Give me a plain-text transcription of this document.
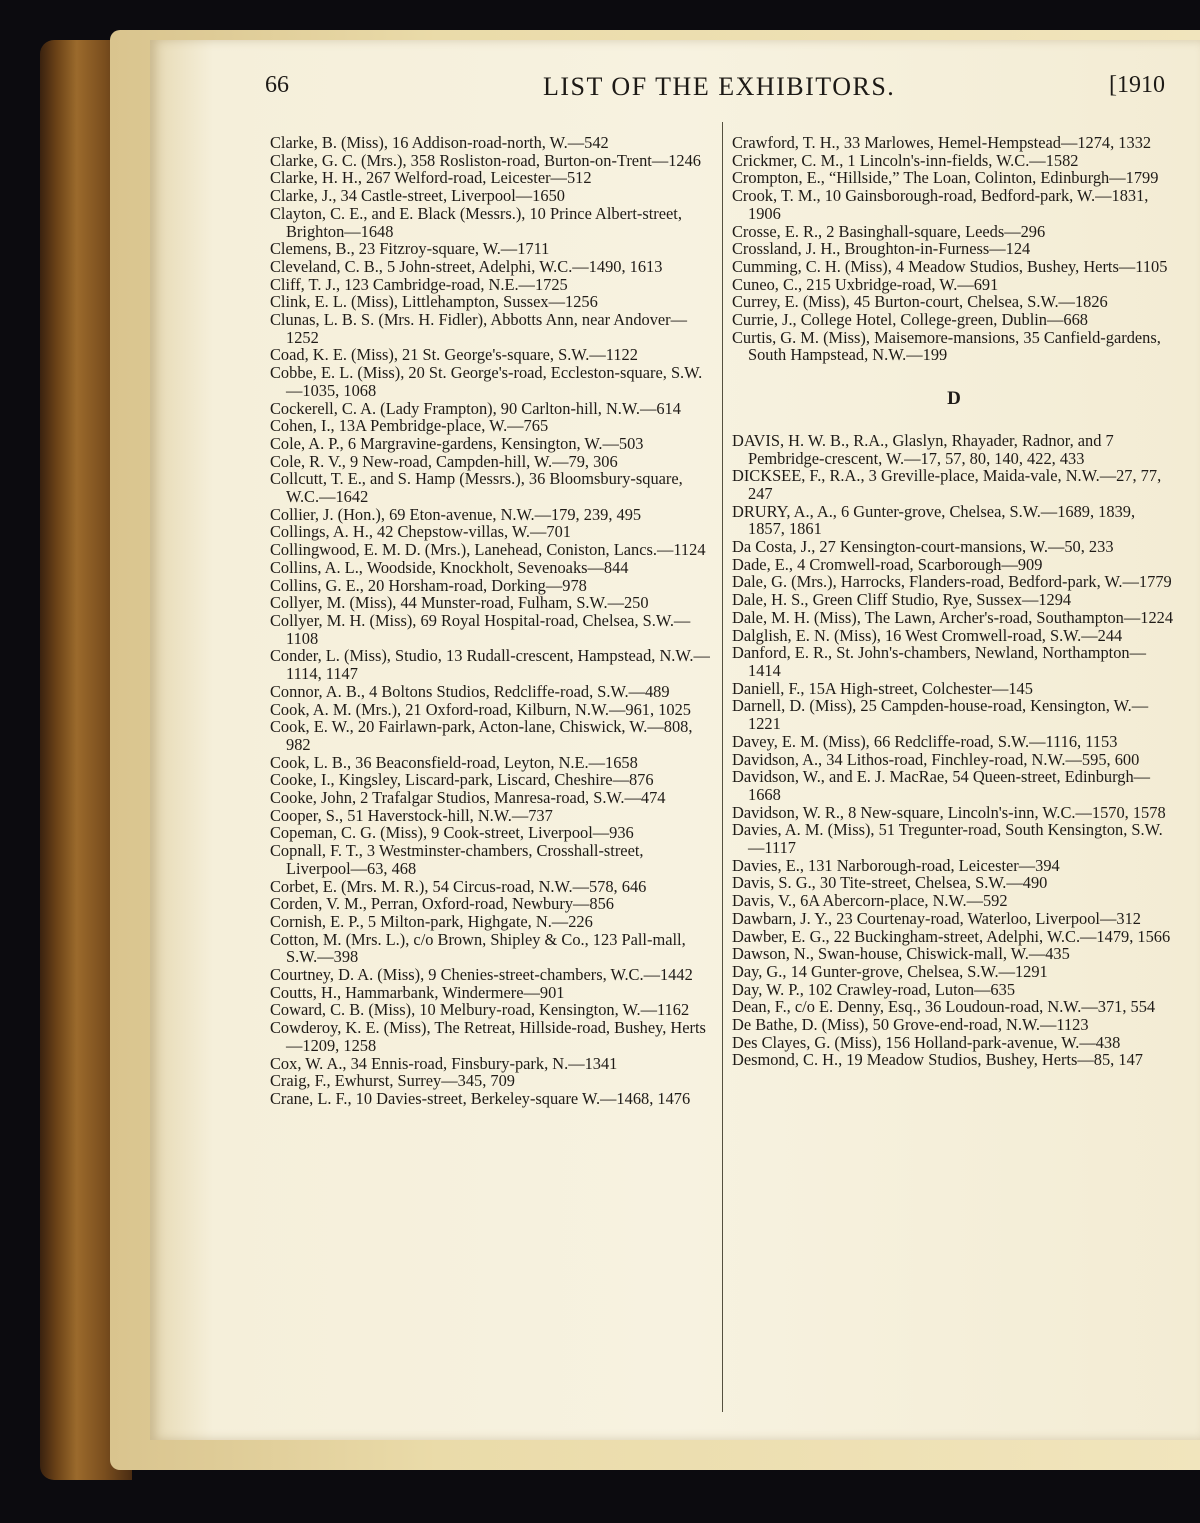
66	LIST OF THE EXHIBITORS.	[1910
Clarke, B. (Miss), 16 Addison-road-north, W.—542
Clarke, G. C. (Mrs.), 358 Rosliston-road, Burton-on-Trent—1246
Clarke, H. H., 267 Welford-road, Leicester—512
Clarke, J., 34 Castle-street, Liverpool—1650
Clayton, C. E., and E. Black (Messrs.), 10 Prince Albert-street, Brighton—1648
Clemens, B., 23 Fitzroy-square, W.—1711
Cleveland, C. B., 5 John-street, Adelphi, W.C.—1490, 1613
Cliff, T. J., 123 Cambridge-road, N.E.—1725
Clink, E. L. (Miss), Littlehampton, Sussex—1256
Clunas, L. B. S. (Mrs. H. Fidler), Abbotts Ann, near Andover—1252
Coad, K. E. (Miss), 21 St. George's-square, S.W.—1122
Cobbe, E. L. (Miss), 20 St. George's-road, Eccleston-square, S.W.—1035, 1068
Cockerell, C. A. (Lady Frampton), 90 Carlton-hill, N.W.—614
Cohen, I., 13A Pembridge-place, W.—765
Cole, A. P., 6 Margravine-gardens, Kensington, W.—503
Cole, R. V., 9 New-road, Campden-hill, W.—79, 306
Collcutt, T. E., and S. Hamp (Messrs.), 36 Bloomsbury-square, W.C.—1642
Collier, J. (Hon.), 69 Eton-avenue, N.W.—179, 239, 495
Collings, A. H., 42 Chepstow-villas, W.—701
Collingwood, E. M. D. (Mrs.), Lanehead, Coniston, Lancs.—1124
Collins, A. L., Woodside, Knockholt, Sevenoaks—844
Collins, G. E., 20 Horsham-road, Dorking—978
Collyer, M. (Miss), 44 Munster-road, Fulham, S.W.—250
Collyer, M. H. (Miss), 69 Royal Hospital-road, Chelsea, S.W.—1108
Conder, L. (Miss), Studio, 13 Rudall-crescent, Hampstead, N.W.—1114, 1147
Connor, A. B., 4 Boltons Studios, Redcliffe-road, S.W.—489
Cook, A. M. (Mrs.), 21 Oxford-road, Kilburn, N.W.—961, 1025
Cook, E. W., 20 Fairlawn-park, Acton-lane, Chiswick, W.—808, 982
Cook, L. B., 36 Beaconsfield-road, Leyton, N.E.—1658
Cooke, I., Kingsley, Liscard-park, Liscard, Cheshire—876
Cooke, John, 2 Trafalgar Studios, Manresa-road, S.W.—474
Cooper, S., 51 Haverstock-hill, N.W.—737
Copeman, C. G. (Miss), 9 Cook-street, Liverpool—936
Copnall, F. T., 3 Westminster-chambers, Crosshall-street, Liverpool—63, 468
Corbet, E. (Mrs. M. R.), 54 Circus-road, N.W.—578, 646
Corden, V. M., Perran, Oxford-road, Newbury—856
Cornish, E. P., 5 Milton-park, Highgate, N.—226
Cotton, M. (Mrs. L.), c/o Brown, Shipley & Co., 123 Pall-mall, S.W.—398
Courtney, D. A. (Miss), 9 Chenies-street-chambers, W.C.—1442
Coutts, H., Hammarbank, Windermere—901
Coward, C. B. (Miss), 10 Melbury-road, Kensington, W.—1162
Cowderoy, K. E. (Miss), The Retreat, Hillside-road, Bushey, Herts—1209, 1258
Cox, W. A., 34 Ennis-road, Finsbury-park, N.—1341
Craig, F., Ewhurst, Surrey—345, 709
Crane, L. F., 10 Davies-street, Berkeley-square W.—1468, 1476
Crawford, T. H., 33 Marlowes, Hemel-Hempstead—1274, 1332
Crickmer, C. M., 1 Lincoln's-inn-fields, W.C.—1582
Crompton, E., “Hillside,” The Loan, Colinton, Edinburgh—1799
Crook, T. M., 10 Gainsborough-road, Bedford-park, W.—1831, 1906
Crosse, E. R., 2 Basinghall-square, Leeds—296
Crossland, J. H., Broughton-in-Furness—124
Cumming, C. H. (Miss), 4 Meadow Studios, Bushey, Herts—1105
Cuneo, C., 215 Uxbridge-road, W.—691
Currey, E. (Miss), 45 Burton-court, Chelsea, S.W.—1826
Currie, J., College Hotel, College-green, Dublin—668
Curtis, G. M. (Miss), Maisemore-mansions, 35 Canfield-gardens, South Hampstead, N.W.—199
D
DAVIS, H. W. B., R.A., Glaslyn, Rhayader, Radnor, and 7 Pembridge-crescent, W.—17, 57, 80, 140, 422, 433
DICKSEE, F., R.A., 3 Greville-place, Maida-vale, N.W.—27, 77, 247
DRURY, A., A., 6 Gunter-grove, Chelsea, S.W.—1689, 1839, 1857, 1861
Da Costa, J., 27 Kensington-court-mansions, W.—50, 233
Dade, E., 4 Cromwell-road, Scarborough—909
Dale, G. (Mrs.), Harrocks, Flanders-road, Bedford-park, W.—1779
Dale, H. S., Green Cliff Studio, Rye, Sussex—1294
Dale, M. H. (Miss), The Lawn, Archer's-road, Southampton—1224
Dalglish, E. N. (Miss), 16 West Cromwell-road, S.W.—244
Danford, E. R., St. John's-chambers, Newland, Northampton—1414
Daniell, F., 15A High-street, Colchester—145
Darnell, D. (Miss), 25 Campden-house-road, Kensington, W.—1221
Davey, E. M. (Miss), 66 Redcliffe-road, S.W.—1116, 1153
Davidson, A., 34 Lithos-road, Finchley-road, N.W.—595, 600
Davidson, W., and E. J. MacRae, 54 Queen-street, Edinburgh—1668
Davidson, W. R., 8 New-square, Lincoln's-inn, W.C.—1570, 1578
Davies, A. M. (Miss), 51 Tregunter-road, South Kensington, S.W.—1117
Davies, E., 131 Narborough-road, Leicester—394
Davis, S. G., 30 Tite-street, Chelsea, S.W.—490
Davis, V., 6A Abercorn-place, N.W.—592
Dawbarn, J. Y., 23 Courtenay-road, Waterloo, Liverpool—312
Dawber, E. G., 22 Buckingham-street, Adelphi, W.C.—1479, 1566
Dawson, N., Swan-house, Chiswick-mall, W.—435
Day, G., 14 Gunter-grove, Chelsea, S.W.—1291
Day, W. P., 102 Crawley-road, Luton—635
Dean, F., c/o E. Denny, Esq., 36 Loudoun-road, N.W.—371, 554
De Bathe, D. (Miss), 50 Grove-end-road, N.W.—1123
Des Clayes, G. (Miss), 156 Holland-park-avenue, W.—438
Desmond, C. H., 19 Meadow Studios, Bushey, Herts—85, 147
